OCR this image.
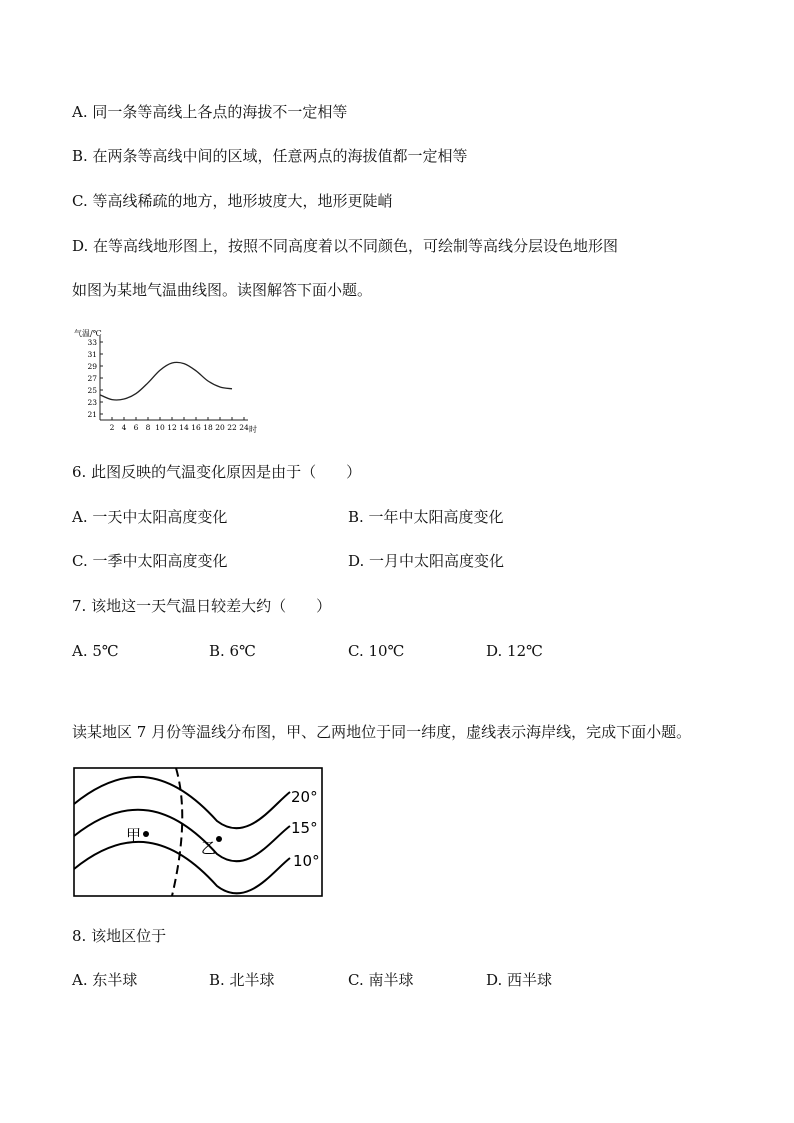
A. 同一条等高线上各点的海拔不一定相等
B. 在两条等高线中间的区域，任意两点的海拔值都一定相等
C. 等高线稀疏的地方，地形坡度大，地形更陡峭
D. 在等高线地形图上，按照不同高度着以不同颜色，可绘制等高线分层设色地形图
如图为某地气温曲线图。读图解答下面小题。
21
23
25
27
29
31
33
2 4 6 8 10 12 14 16 18 20 22 24
气温/℃
时
6. 此图反映的气温变化原因是由于（　　）
A. 一天中太阳高度变化	B. 一年中太阳高度变化
C. 一季中太阳高度变化	D. 一月中太阳高度变化
7. 该地这一天气温日较差大约（　　）
A. 5℃	B. 6℃	C. 10℃	D. 12℃
读某地区 7 月份等温线分布图，甲、乙两地位于同一纬度，虚线表示海岸线，完成下面小题。
20°
15°
10°
甲
乙
8. 该地区位于
A. 东半球	B. 北半球	C. 南半球	D. 西半球
